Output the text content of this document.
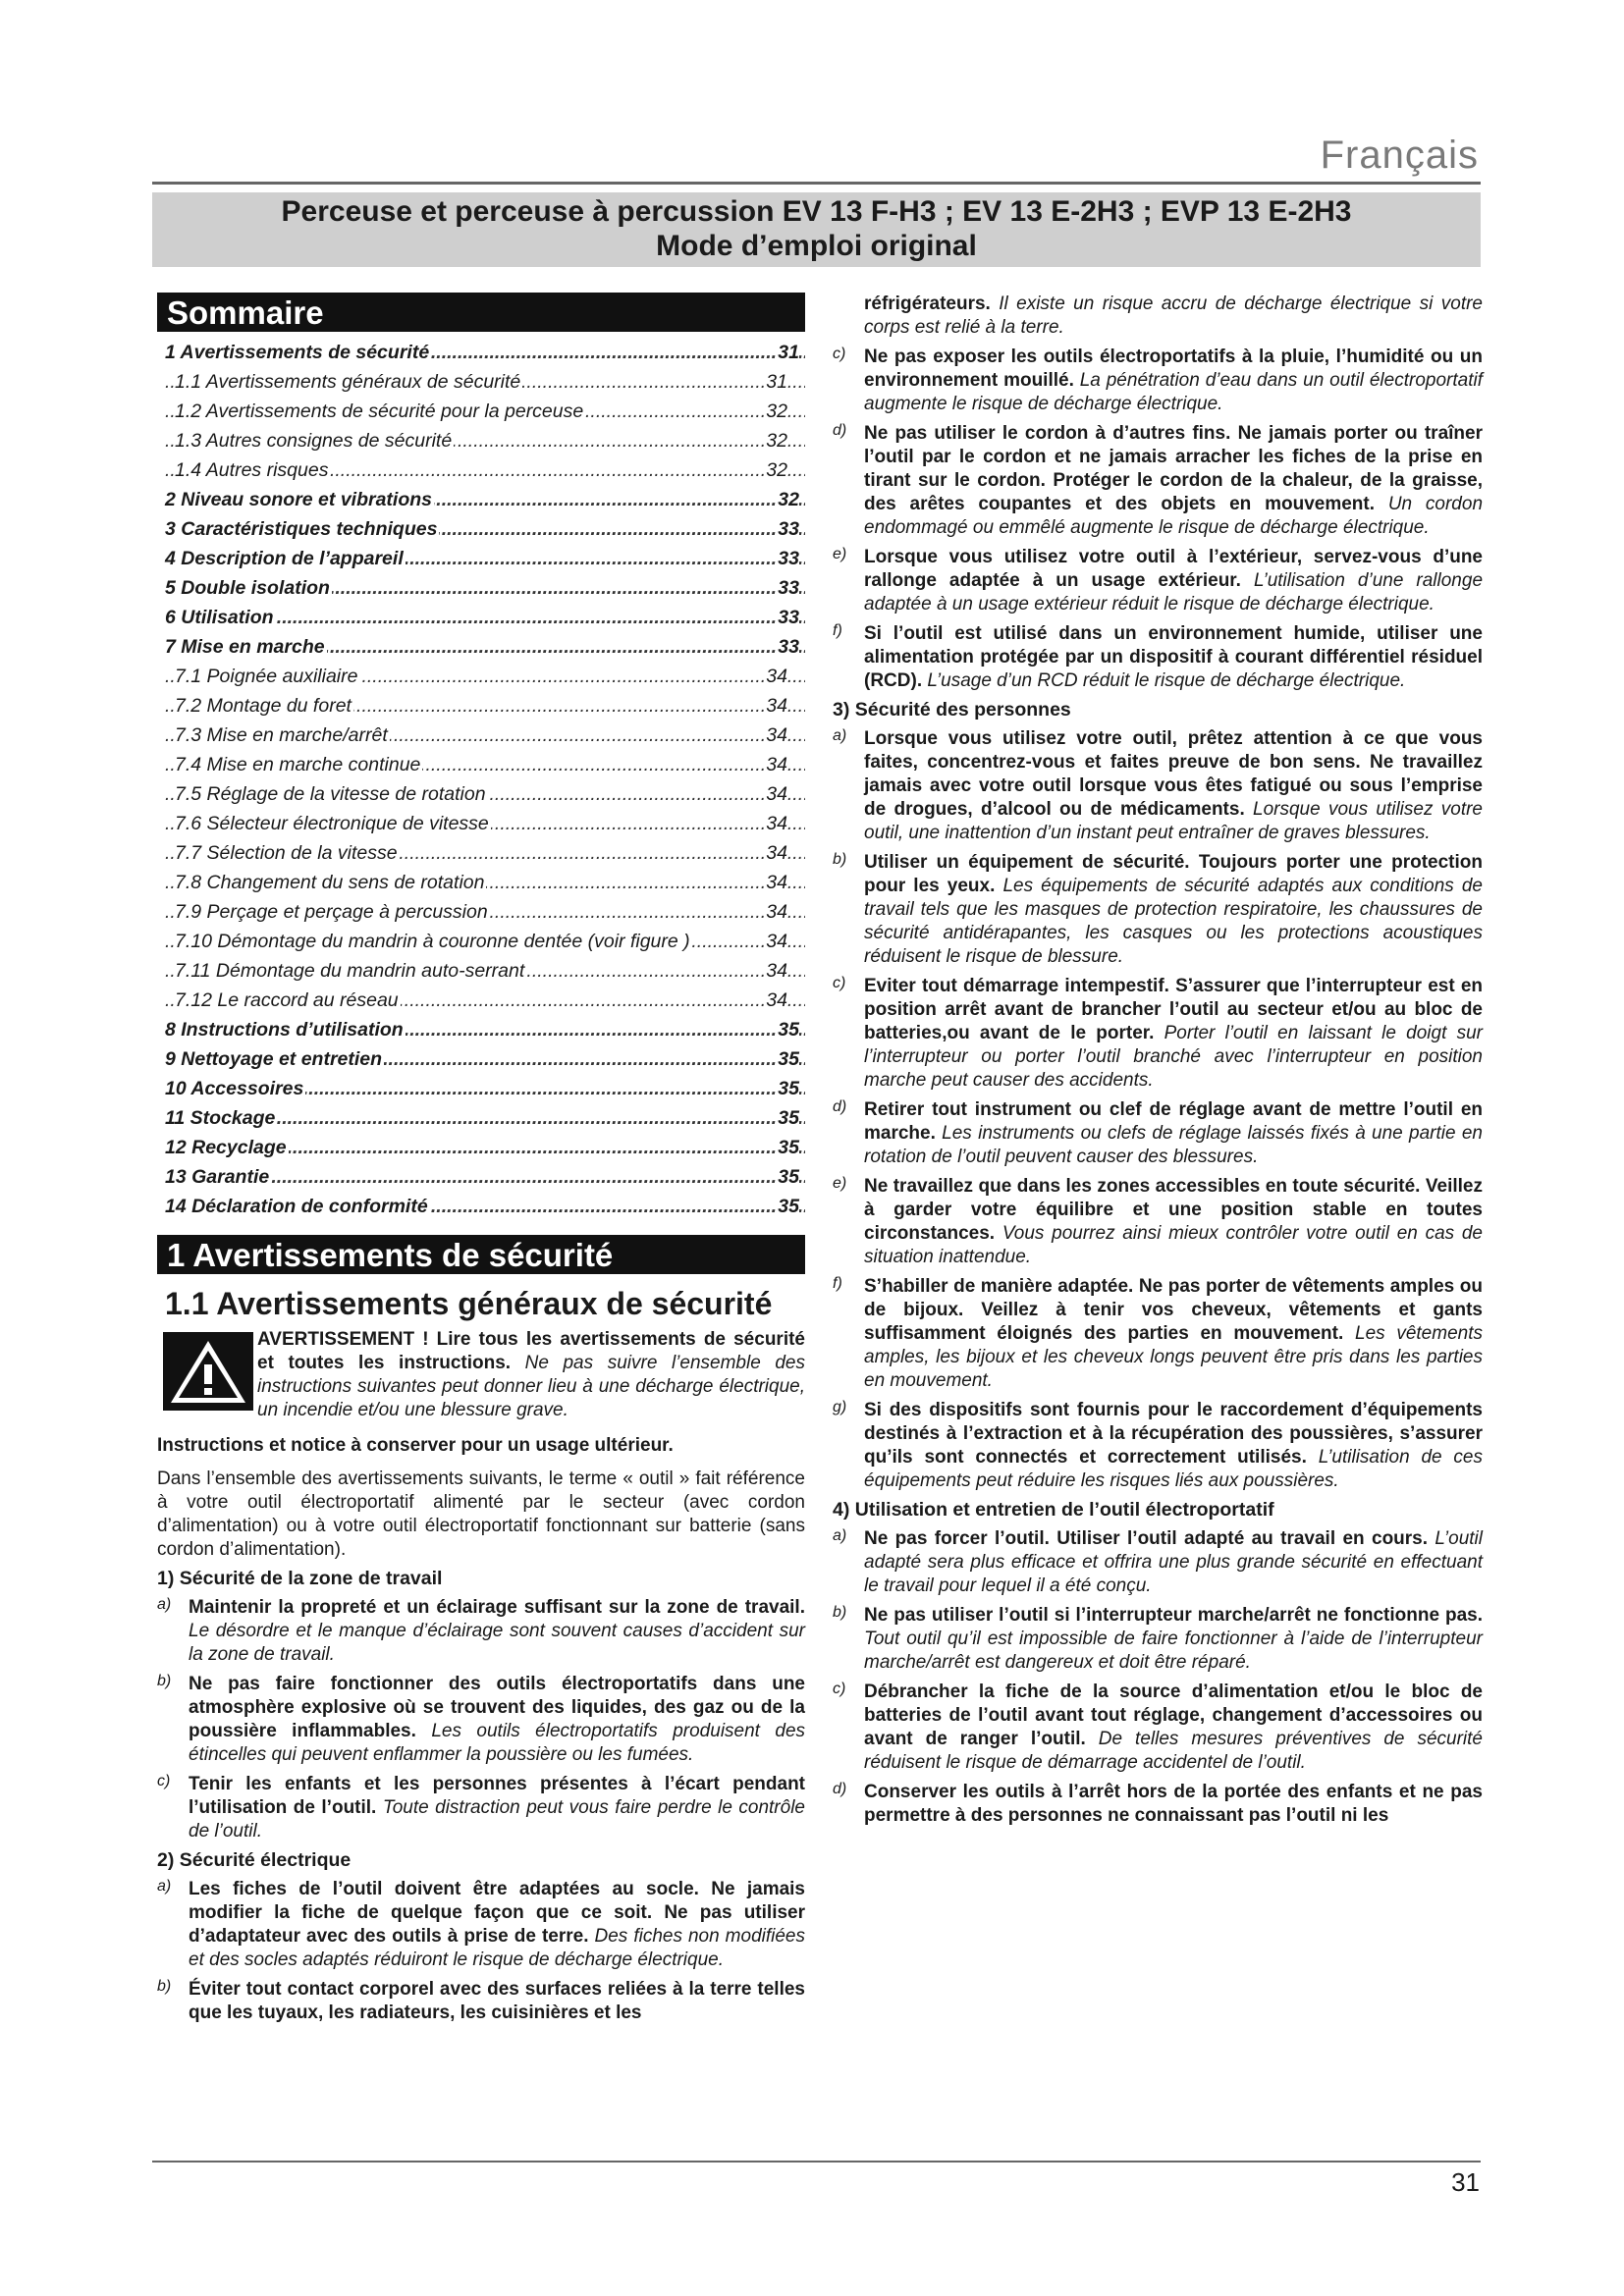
Français
Perceuse et perceuse à percussion EV 13 F-H3 ; EV 13 E-2H3 ; EVP 13 E-2H3
Mode d’emploi original
Sommaire
1 Avertissements de sécurité	31
.....
1.1 Avertissements généraux de sécurité	31
.....
1.2 Avertissements de sécurité pour la perceuse	32
.....
1.3 Autres consignes de sécurité	32
.....
1.4 Autres risques	32
.....
2 Niveau sonore et vibrations	32
.....
3 Caractéristiques techniques	33
.....
4 Description de l’appareil	33
.....
5 Double isolation	33
.....
6 Utilisation	33
.....
7 Mise en marche	33
.....
7.1 Poignée auxiliaire	34
.....
7.2 Montage du foret	34
.....
7.3 Mise en marche/arrêt	34
.....
7.4 Mise en marche continue	34
.....
7.5 Réglage de la vitesse de rotation	34
.....
7.6 Sélecteur électronique de vitesse	34
.....
7.7 Sélection de la vitesse	34
.....
7.8 Changement du sens de rotation	34
.....
7.9 Perçage et perçage à percussion	34
.....
7.10 Démontage du mandrin à couronne dentée (voir figure )	34
.....
7.11 Démontage du mandrin auto-serrant	34
.....
7.12 Le raccord au réseau	34
.....
8 Instructions d’utilisation	35
.....
9 Nettoyage et entretien	35
.....
10 Accessoires	35
.....
11 Stockage	35
.....
12 Recyclage	35
.....
13 Garantie	35
.....
14 Déclaration de conformité	35
.....
1 Avertissements de sécurité
1.1 Avertissements généraux de sécurité
AVERTISSEMENT ! Lire tous les avertissements de sécurité et toutes les instructions. Ne pas suivre l’ensemble des instructions suivantes peut donner lieu à une décharge électrique, un incendie et/ou une blessure grave.

Instructions et notice à conserver pour un usage ultérieur.

Dans l’ensemble des avertissements suivants, le terme « outil » fait référence à votre outil électroportatif alimenté par le secteur (avec cordon d’alimentation) ou à votre outil électroportatif fonctionnant sur batterie (sans cordon d’alimentation).

1) Sécurité de la zone de travail
a) Maintenir la propreté et un éclairage suffisant sur la zone de travail. Le désordre et le manque d’éclairage sont souvent causes d’accident sur la zone de travail.

b) Ne pas faire fonctionner des outils électroportatifs dans une atmosphère explosive où se trouvent des liquides, des gaz ou de la poussière inflammables. Les outils électroportatifs produisent des étincelles qui peuvent enflammer la poussière ou les fumées.

c) Tenir les enfants et les personnes présentes à l’écart pendant l’utilisation de l’outil. Toute distraction peut vous faire perdre le contrôle de l’outil.

2) Sécurité électrique
a) Les fiches de l’outil doivent être adaptées au socle. Ne jamais modifier la fiche de quelque façon que ce soit. Ne pas utiliser d’adaptateur avec des outils à prise de terre. Des fiches non modifiées et des socles adaptés réduiront le risque de décharge électrique.

b) Éviter tout contact corporel avec des surfaces reliées à la terre telles que les tuyaux, les radiateurs, les cuisinières et les

réfrigérateurs. Il existe un risque accru de décharge électrique si votre corps est relié à la terre.

c) Ne pas exposer les outils électroportatifs à la pluie, l’humidité ou un environnement mouillé. La pénétration d’eau dans un outil électroportatif augmente le risque de décharge électrique.

d) Ne pas utiliser le cordon à d’autres fins. Ne jamais porter ou traîner l’outil par le cordon et ne jamais arracher les fiches de la prise en tirant sur le cordon. Protéger le cordon de la chaleur, de la graisse, des arêtes coupantes et des objets en mouvement. Un cordon endommagé ou emmêlé augmente le risque de décharge électrique.

e) Lorsque vous utilisez votre outil à l’extérieur, servez-vous d’une rallonge adaptée à un usage extérieur. L’utilisation d’une rallonge adaptée à un usage extérieur réduit le risque de décharge électrique.

f) Si l’outil est utilisé dans un environnement humide, utiliser une alimentation protégée par un dispositif à courant différentiel résiduel (RCD). L’usage d’un RCD réduit le risque de décharge électrique.

3) Sécurité des personnes
a) Lorsque vous utilisez votre outil, prêtez attention à ce que vous faites, concentrez-vous et faites preuve de bon sens. Ne travaillez jamais avec votre outil lorsque vous êtes fatigué ou sous l’emprise de drogues, d’alcool ou de médicaments. Lorsque vous utilisez votre outil, une inattention d’un instant peut entraîner de graves blessures.

b) Utiliser un équipement de sécurité. Toujours porter une protection pour les yeux. Les équipements de sécurité adaptés aux conditions de travail tels que les masques de protection respiratoire, les chaussures de sécurité antidérapantes, les casques ou les protections acoustiques réduisent le risque de blessure.

c) Eviter tout démarrage intempestif. S’assurer que l’interrupteur est en position arrêt avant de brancher l’outil au secteur et/ou au bloc de batteries,ou avant de le porter. Porter l’outil en laissant le doigt sur l’interrupteur ou porter l’outil branché avec l’interrupteur en position marche peut causer des accidents.

d) Retirer tout instrument ou clef de réglage avant de mettre l’outil en marche. Les instruments ou clefs de réglage laissés fixés à une partie en rotation de l’outil peuvent causer des blessures.

e) Ne travaillez que dans les zones accessibles en toute sécurité. Veillez à garder votre équilibre et une position stable en toutes circonstances. Vous pourrez ainsi mieux contrôler votre outil en cas de situation inattendue.

f) S’habiller de manière adaptée. Ne pas porter de vêtements amples ou de bijoux. Veillez à tenir vos cheveux, vêtements et gants suffisamment éloignés des parties en mouvement. Les vêtements amples, les bijoux et les cheveux longs peuvent être pris dans les parties en mouvement.

g) Si des dispositifs sont fournis pour le raccordement d’équipements destinés à l’extraction et à la récupération des poussières, s’assurer qu’ils sont connectés et correctement utilisés. L’utilisation de ces équipements peut réduire les risques liés aux poussières.

4) Utilisation et entretien de l’outil électroportatif
a) Ne pas forcer l’outil. Utiliser l’outil adapté au travail en cours. L’outil adapté sera plus efficace et offrira une plus grande sécurité en effectuant le travail pour lequel il a été conçu.

b) Ne pas utiliser l’outil si l’interrupteur marche/arrêt ne fonctionne pas. Tout outil qu’il est impossible de faire fonctionner à l’aide de l’interrupteur marche/arrêt est dangereux et doit être réparé.

c) Débrancher la fiche de la source d’alimentation et/ou le bloc de batteries de l’outil avant tout réglage, changement d’accessoires ou avant de ranger l’outil. De telles mesures préventives de sécurité réduisent le risque de démarrage accidentel de l’outil.

d) Conserver les outils à l’arrêt hors de la portée des enfants et ne pas permettre à des personnes ne connaissant pas l’outil ni les

31
